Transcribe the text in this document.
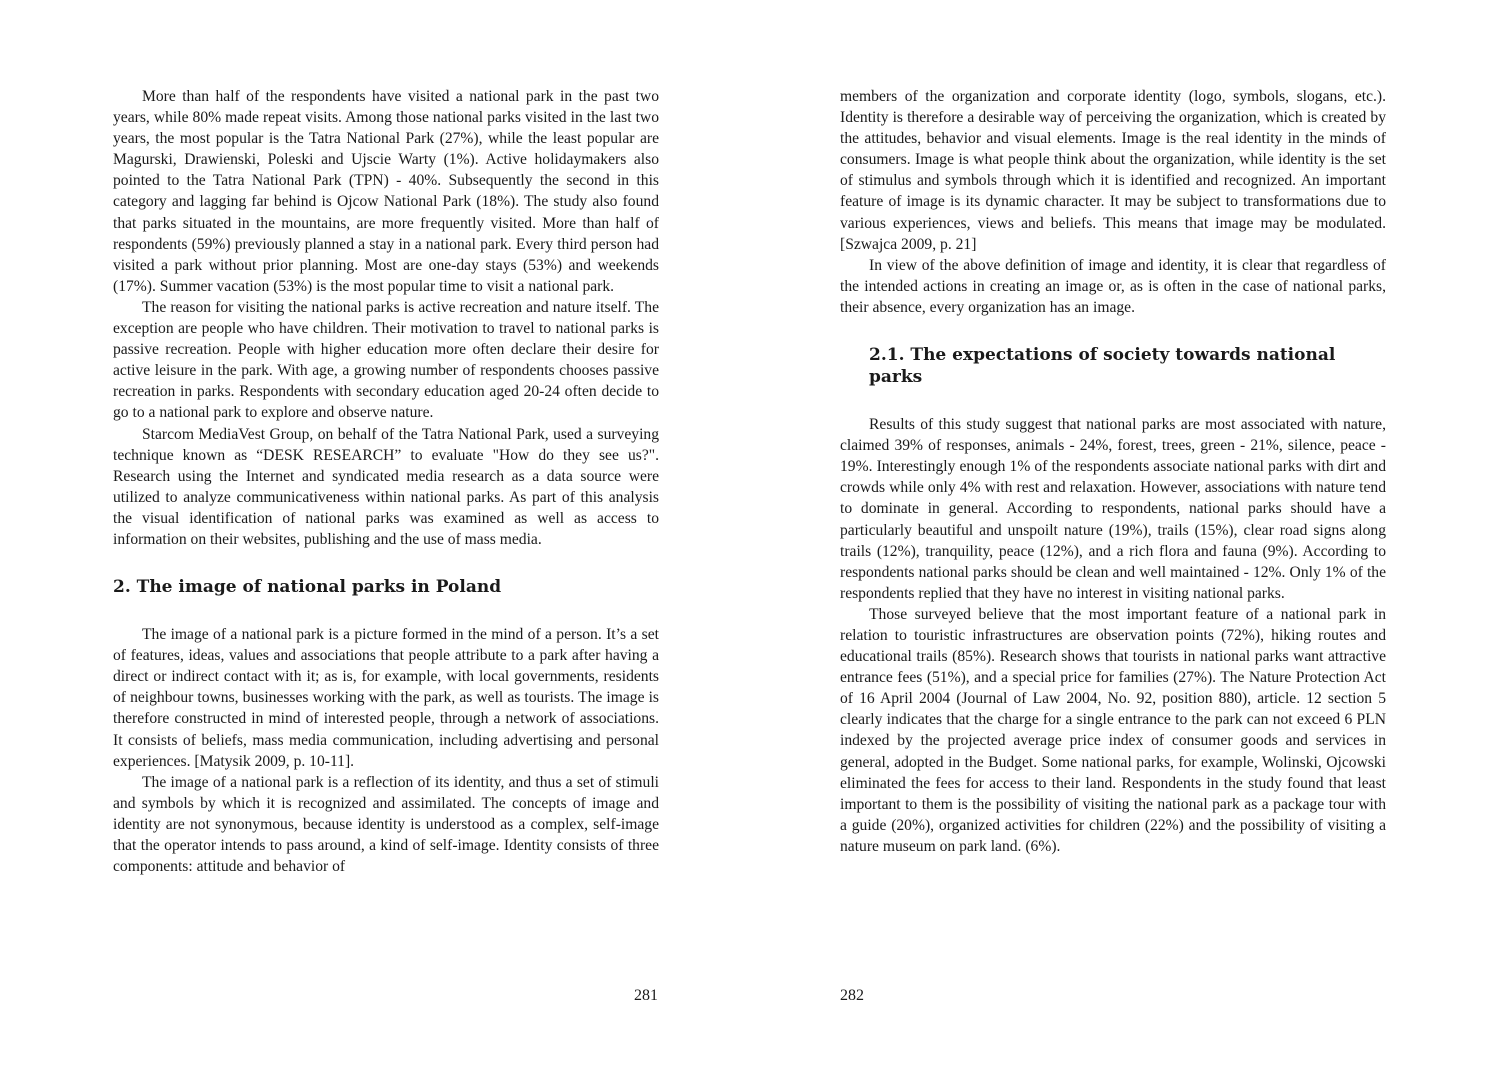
More than half of the respondents have visited a national park in the past two years, while 80% made repeat visits. Among those national parks visited in the last two years, the most popular is the Tatra National Park (27%), while the least popular are Magurski, Drawienski, Poleski and Ujscie Warty (1%). Active holidaymakers also pointed to the Tatra National Park (TPN) - 40%. Subsequently the second in this category and lagging far behind is Ojcow National Park (18%). The study also found that parks situated in the mountains, are more frequently visited. More than half of respondents (59%) previously planned a stay in a national park. Every third person had visited a park without prior planning. Most are one-day stays (53%) and weekends (17%). Summer vacation (53%) is the most popular time to visit a national park.

The reason for visiting the national parks is active recreation and nature itself. The exception are people who have children. Their motivation to travel to national parks is passive recreation. People with higher education more often declare their desire for active leisure in the park. With age, a growing number of respondents chooses passive recreation in parks. Respondents with secondary education aged 20-24 often decide to go to a national park to explore and observe nature.

Starcom MediaVest Group, on behalf of the Tatra National Park, used a surveying technique known as “DESK RESEARCH” to evaluate "How do they see us?". Research using the Internet and syndicated media research as a data source were utilized to analyze communicativeness within national parks. As part of this analysis the visual identification of national parks was examined as well as access to information on their websites, publishing and the use of mass media.

2. The image of national parks in Poland

The image of a national park is a picture formed in the mind of a person. It’s a set of features, ideas, values and associations that people attribute to a park after having a direct or indirect contact with it; as is, for example, with local governments, residents of neighbour towns, businesses working with the park, as well as tourists. The image is therefore constructed in mind of interested people, through a network of associations. It consists of beliefs, mass media communication, including advertising and personal experiences. [Matysik 2009, p. 10-11].

The image of a national park is a reflection of its identity, and thus a set of stimuli and symbols by which it is recognized and assimilated. The concepts of image and identity are not synonymous, because identity is understood as a complex, self-image that the operator intends to pass around, a kind of self-image. Identity consists of three components: attitude and behavior of

members of the organization and corporate identity (logo, symbols, slogans, etc.). Identity is therefore a desirable way of perceiving the organization, which is created by the attitudes, behavior and visual elements. Image is the real identity in the minds of consumers. Image is what people think about the organization, while identity is the set of stimulus and symbols through which it is identified and recognized. An important feature of image is its dynamic character. It may be subject to transformations due to various experiences, views and beliefs. This means that image may be modulated. [Szwajca 2009, p. 21]

In view of the above definition of image and identity, it is clear that regardless of the intended actions in creating an image or, as is often in the case of national parks, their absence, every organization has an image.

2.1. The expectations of society towards national parks

Results of this study suggest that national parks are most associated with nature, claimed 39% of responses, animals - 24%, forest, trees, green - 21%, silence, peace - 19%. Interestingly enough 1% of the respondents associate national parks with dirt and crowds while only 4% with rest and relaxation. However, associations with nature tend to dominate in general. According to respondents, national parks should have a particularly beautiful and unspoilt nature (19%), trails (15%), clear road signs along trails (12%), tranquility, peace (12%), and a rich flora and fauna (9%). According to respondents national parks should be clean and well maintained - 12%. Only 1% of the respondents replied that they have no interest in visiting national parks.

Those surveyed believe that the most important feature of a national park in relation to touristic infrastructures are observation points (72%), hiking routes and educational trails (85%). Research shows that tourists in national parks want attractive entrance fees (51%), and a special price for families (27%). The Nature Protection Act of 16 April 2004 (Journal of Law 2004, No. 92, position 880), article. 12 section 5 clearly indicates that the charge for a single entrance to the park can not exceed 6 PLN indexed by the projected average price index of consumer goods and services in general, adopted in the Budget. Some national parks, for example, Wolinski, Ojcowski eliminated the fees for access to their land. Respondents in the study found that least important to them is the possibility of visiting the national park as a package tour with a guide (20%), organized activities for children (22%) and the possibility of visiting a nature museum on park land. (6%).

281	282
